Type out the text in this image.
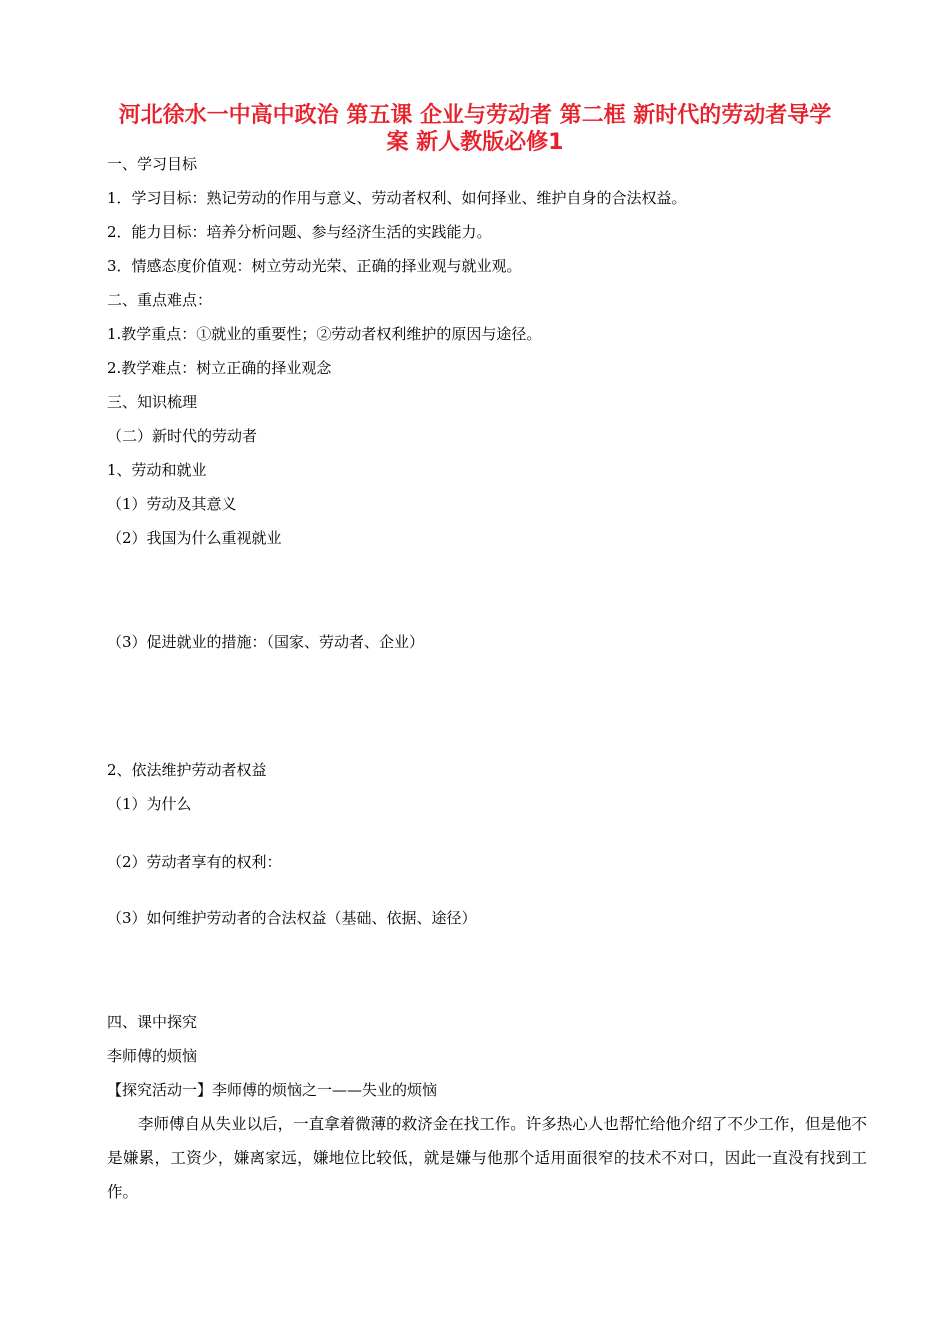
河北徐水一中高中政治 第五课 企业与劳动者 第二框 新时代的劳动者导学
案 新人教版必修1
一、学习目标
1．学习目标：熟记劳动的作用与意义、劳动者权利、如何择业、维护自身的合法权益。
2．能力目标：培养分析问题、参与经济生活的实践能力。
3．情感态度价值观：树立劳动光荣、正确的择业观与就业观。
二、重点难点：
1.教学重点：①就业的重要性；②劳动者权利维护的原因与途径。
2.教学难点：树立正确的择业观念
三、知识梳理
（二）新时代的劳动者
1、劳动和就业
（1）劳动及其意义
（2）我国为什么重视就业
（3）促进就业的措施：（国家、劳动者、企业）
2、依法维护劳动者权益
（1）为什么
（2）劳动者享有的权利：
（3）如何维护劳动者的合法权益（基础、依据、途径）
四、课中探究
李师傅的烦恼
【探究活动一】李师傅的烦恼之一——失业的烦恼
李师傅自从失业以后，一直拿着微薄的救济金在找工作。许多热心人也帮忙给他介绍了不少工作，但是他不是嫌累，工资少，嫌离家远，嫌地位比较低，就是嫌与他那个适用面很窄的技术不对口，因此一直没有找到工作。
